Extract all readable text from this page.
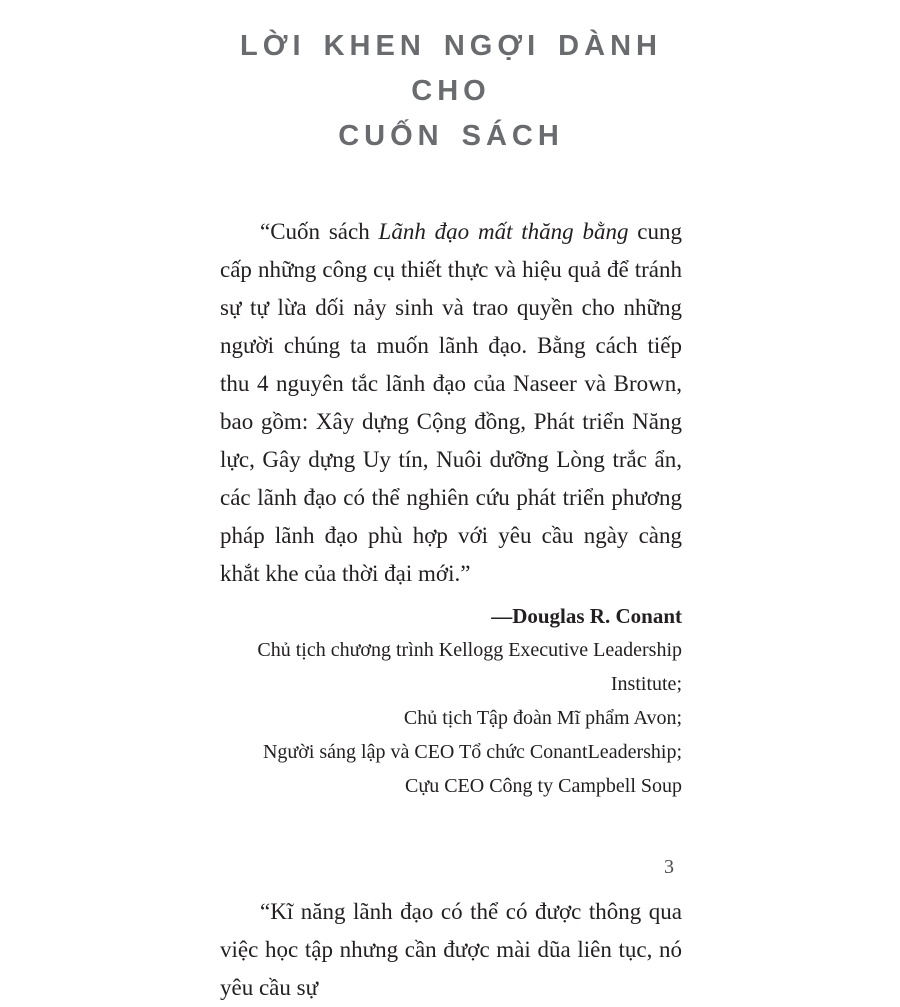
LỜI KHEN NGỢI DÀNH CHO
CUỐN SÁCH

“Cuốn sách Lãnh đạo mất thăng bằng cung cấp những công cụ thiết thực và hiệu quả để tránh sự tự lừa dối nảy sinh và trao quyền cho những người chúng ta muốn lãnh đạo. Bằng cách tiếp thu 4 nguyên tắc lãnh đạo của Naseer và Brown, bao gồm: Xây dựng Cộng đồng, Phát triển Năng lực, Gây dựng Uy tín, Nuôi dưỡng Lòng trắc ẩn, các lãnh đạo có thể nghiên cứu phát triển phương pháp lãnh đạo phù hợp với yêu cầu ngày càng khắt khe của thời đại mới.”

—Douglas R. Conant
Chủ tịch chương trình Kellogg Executive Leadership Institute;
Chủ tịch Tập đoàn Mĩ phẩm Avon;
Người sáng lập và CEO Tổ chức ConantLeadership;
Cựu CEO Công ty Campbell Soup

“Kĩ năng lãnh đạo có thể có được thông qua việc học tập nhưng cần được mài dũa liên tục, nó yêu cầu sự

3
